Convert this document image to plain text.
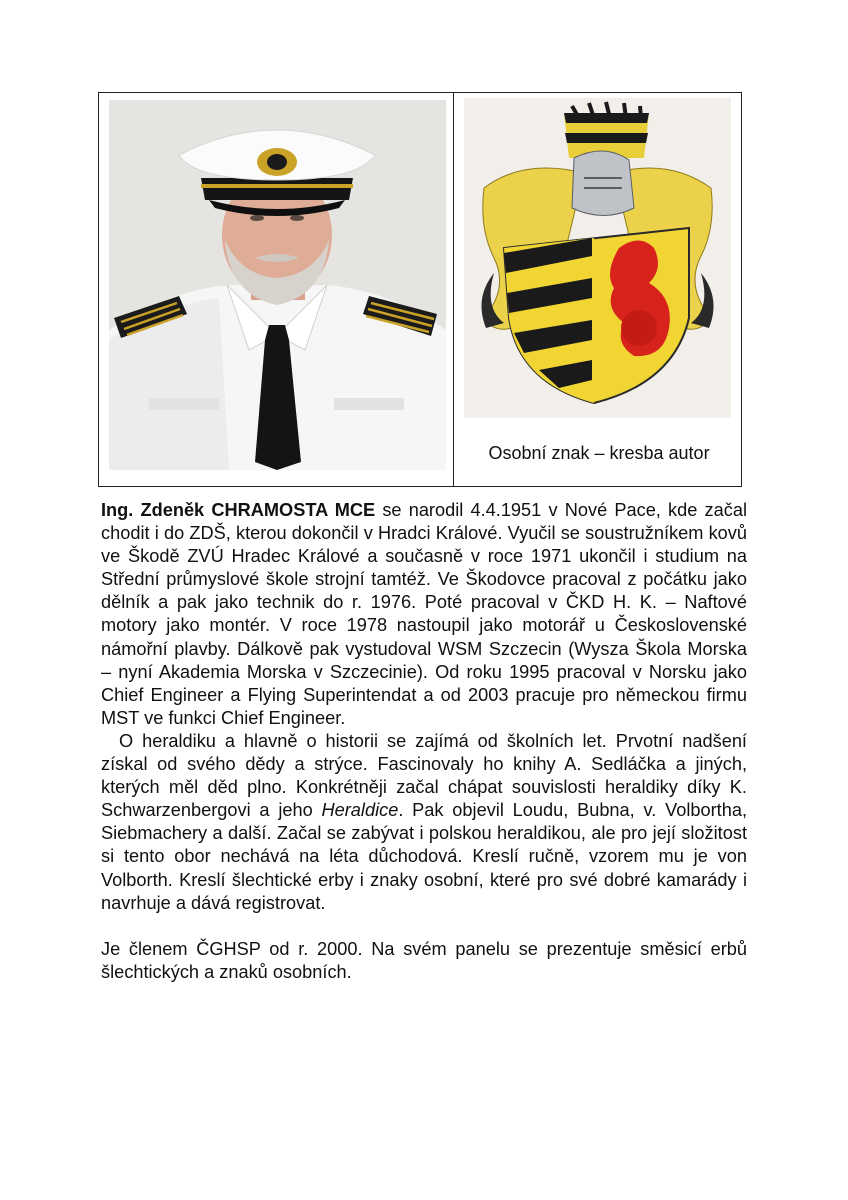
Osobní znak – kresba autor

Ing. Zdeněk CHRAMOSTA MCE se narodil 4.4.1951 v Nové Pace, kde začal chodit i do ZDŠ, kterou dokončil v Hradci Králové. Vyučil se soustružníkem kovů ve Škodě ZVÚ Hradec Králové a současně v roce 1971 ukončil i studium na Střední průmyslové škole strojní tamtéž. Ve Škodovce pracoval z počátku jako dělník a pak jako technik do r. 1976. Poté pracoval v ČKD H. K. – Naftové motory jako montér. V roce 1978 nastoupil jako motorář u Československé námořní plavby. Dálkově pak vystudoval WSM Szczecin (Wysza Škola Morska – nyní Akademia Morska v Szczecinie). Od roku 1995 pracoval v Norsku jako Chief Engineer a Flying Superintendat a od 2003 pracuje pro německou firmu MST ve funkci Chief Engineer.

O heraldiku a hlavně o historii se zajímá od školních let. Prvotní nadšení získal od svého dědy a strýce. Fascinovaly ho knihy A. Sedláčka a jiných, kterých měl děd plno. Konkrétněji začal chápat souvislosti heraldiky díky K. Schwarzenbergovi a jeho Heraldice. Pak objevil Loudu, Bubna, v. Volbortha, Siebmachery a další. Začal se zabývat i polskou heraldikou, ale pro její složitost si tento obor nechává na léta důchodová. Kreslí ručně, vzorem mu je von Volborth. Kreslí šlechtické erby i znaky osobní, které pro své dobré kamarády i navrhuje a dává registrovat.

Je členem ČGHSP od r. 2000. Na svém panelu se prezentuje směsicí erbů šlechtických a znaků osobních.
